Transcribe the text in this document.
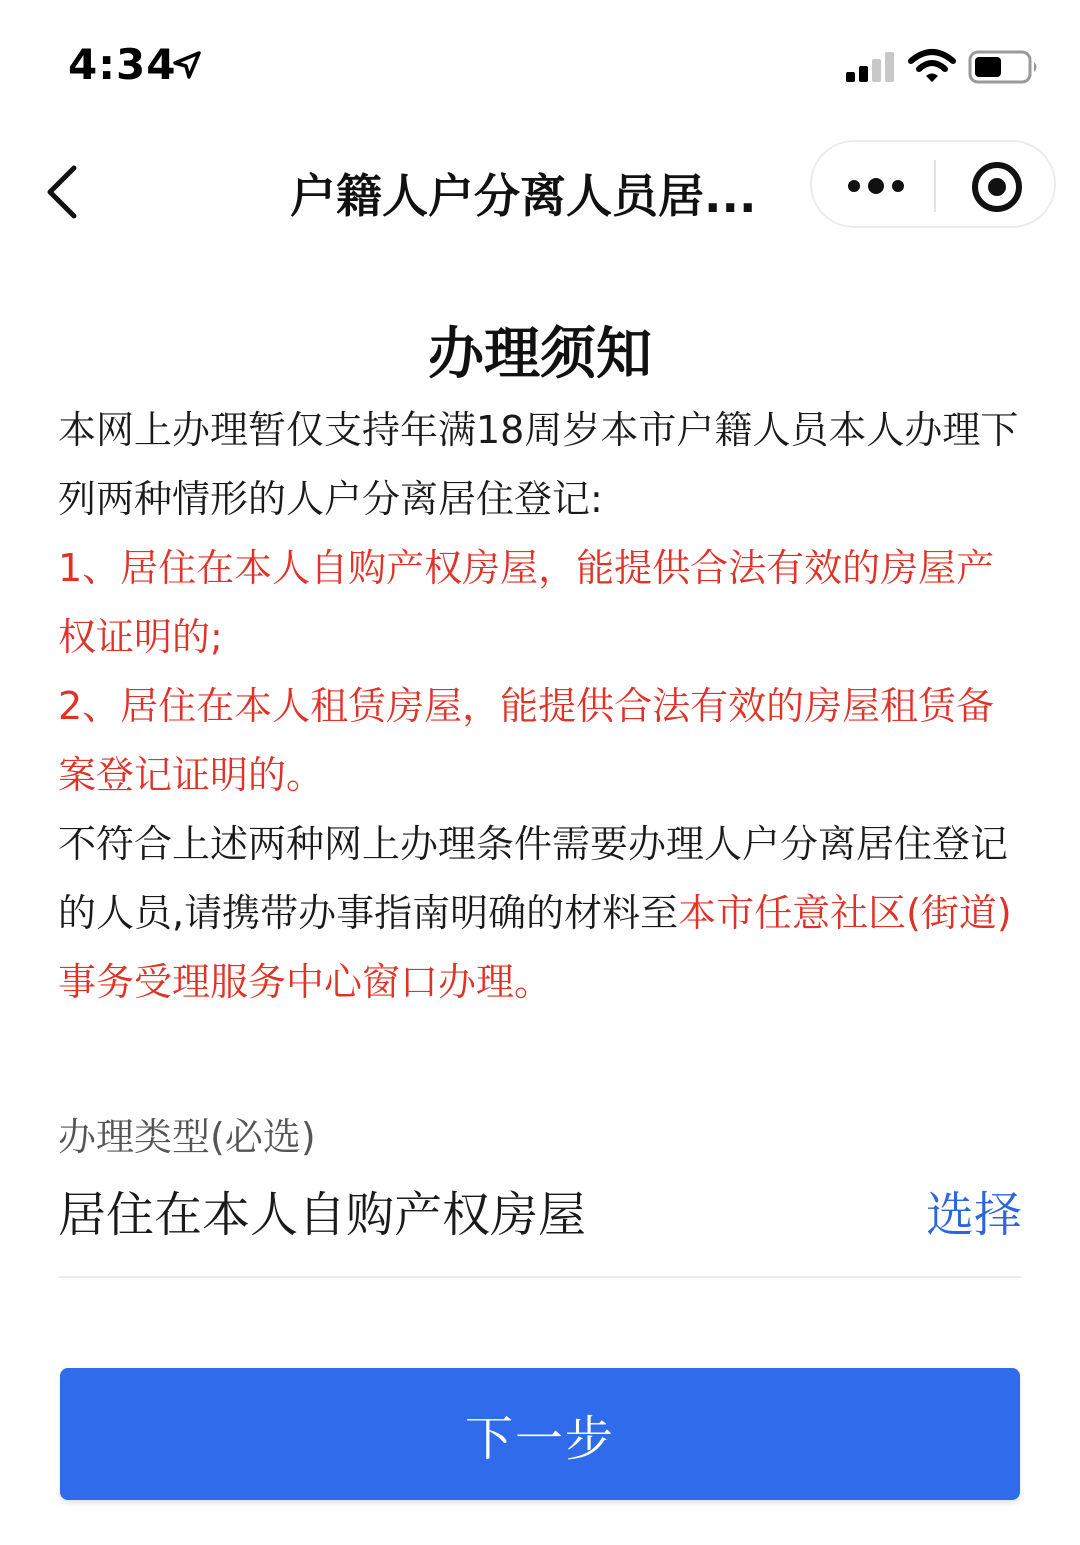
4:34
户籍人户分离人员居...
办理须知

本网上办理暂仅支持年满18周岁本市户籍人员本人办理下列两种情形的人户分离居住登记:

1、居住在本人自购产权房屋，能提供合法有效的房屋产权证明的;

2、居住在本人租赁房屋，能提供合法有效的房屋租赁备案登记证明的。

不符合上述两种网上办理条件需要办理人户分离居住登记的人员,请携带办事指南明确的材料至本市任意社区(街道) 事务受理服务中心窗口办理。

办理类型(必选)
居住在本人自购产权房屋	选择
下一步
